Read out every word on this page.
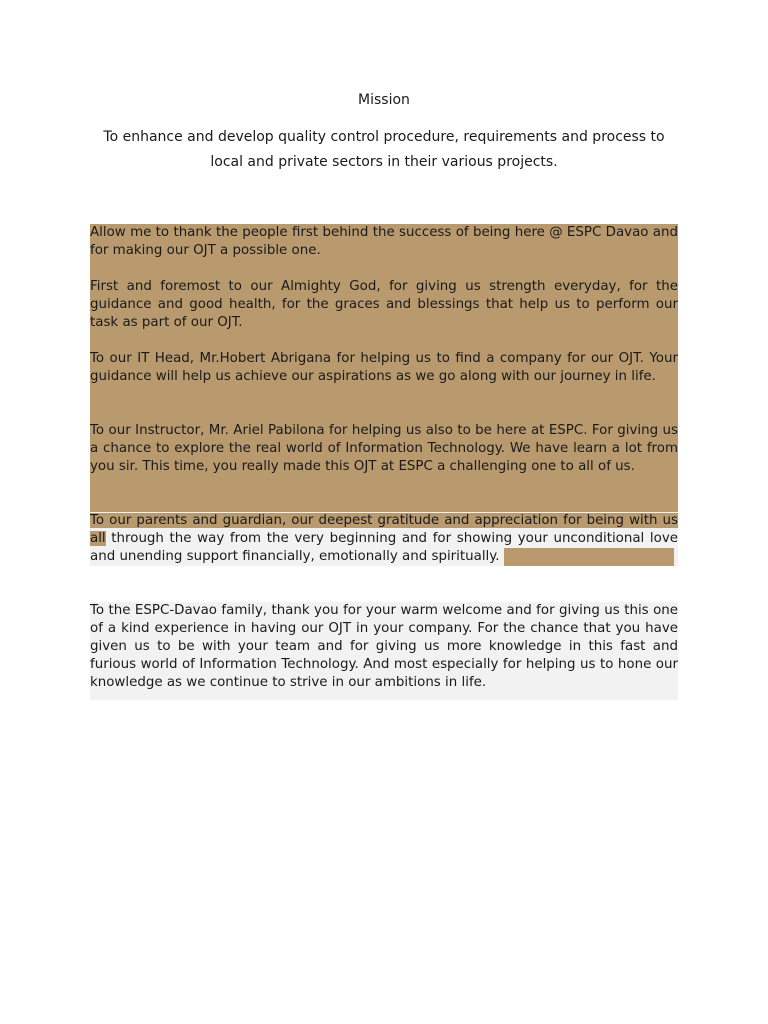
Mission
To enhance and develop quality control procedure, requirements and process to local and private sectors in their various projects.

Allow me to thank the people first behind the success of being here @ ESPC Davao and for making our OJT a possible one.

First and foremost to our Almighty God, for giving us strength everyday, for the guidance and good health, for the graces and blessings that help us to perform our task as part of our OJT.

To our IT Head, Mr.Hobert Abrigana for helping us to find a company for our OJT. Your guidance will help us achieve our aspirations as we go along with our journey in life.

To our Instructor, Mr. Ariel Pabilona for helping us also to be here at ESPC. For giving us a chance to explore the real world of Information Technology. We have learn a lot from you sir. This time, you really made this OJT at ESPC a challenging one to all of us.

To our parents and guardian, our deepest gratitude and appreciation for being with us all through the way from the very beginning and for showing your unconditional love and unending support financially, emotionally and spiritually.

To the ESPC-Davao family, thank you for your warm welcome and for giving us this one of a kind experience in having our OJT in your company. For the chance that you have given us to be with your team and for giving us more knowledge in this fast and furious world of Information Technology. And most especially for helping us to hone our knowledge as we continue to strive in our ambitions in life.
